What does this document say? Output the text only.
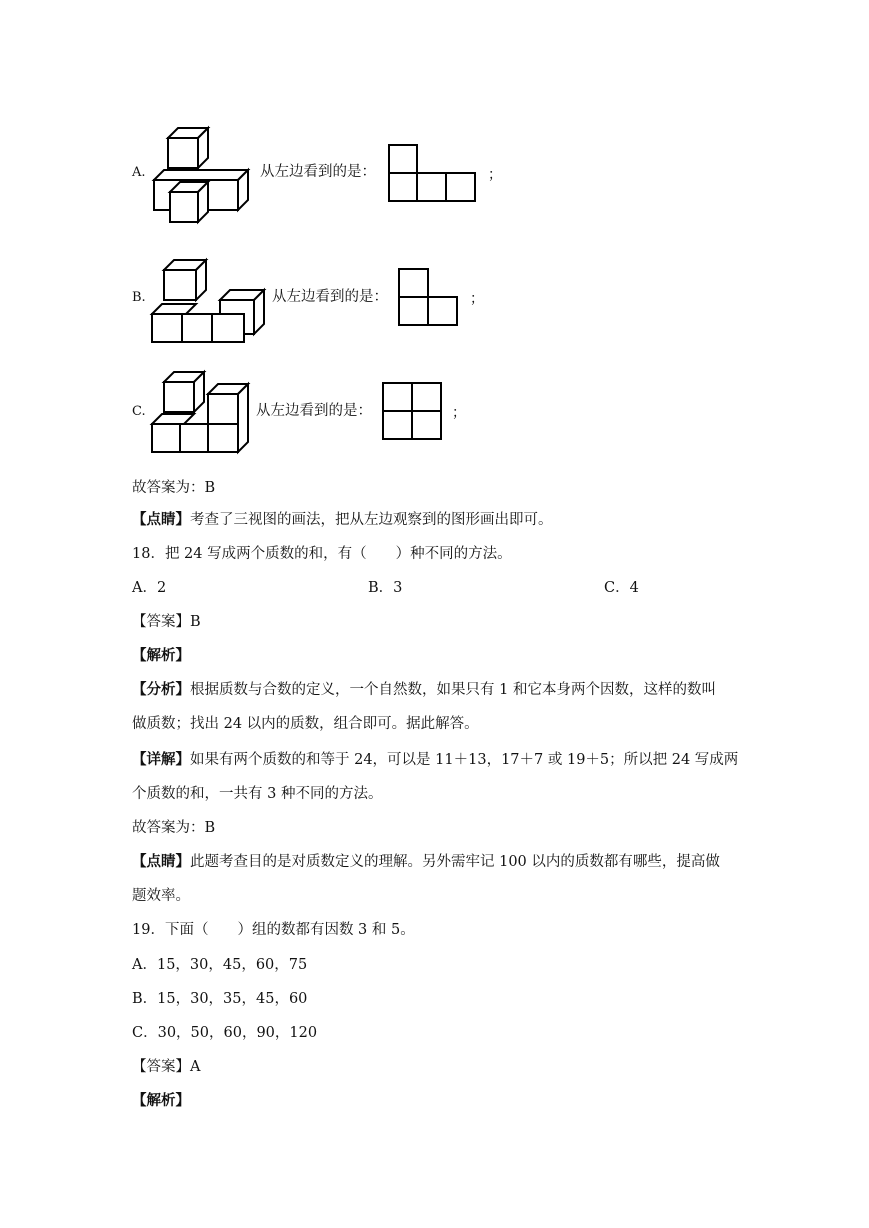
A.	从左边看到的是：	；
B.	从左边看到的是：	；
C.	从左边看到的是：	；
故答案为：B
【点睛】考查了三视图的画法，把从左边观察到的图形画出即可。
18．把 24 写成两个质数的和，有（　　）种不同的方法。
A．2	B．3	C．4
【答案】B
【解析】
【分析】根据质数与合数的定义，一个自然数，如果只有 1 和它本身两个因数，这样的数叫
做质数；找出 24 以内的质数，组合即可。据此解答。
【详解】如果有两个质数的和等于 24，可以是 11＋13，17＋7 或 19＋5；所以把 24 写成两
个质数的和，一共有 3 种不同的方法。
故答案为：B
【点睛】此题考查目的是对质数定义的理解。另外需牢记 100 以内的质数都有哪些，提高做
题效率。
19．下面（　　）组的数都有因数 3 和 5。
A．15，30，45，60，75
B．15，30，35，45，60
C．30，50，60，90，120
【答案】A
【解析】
